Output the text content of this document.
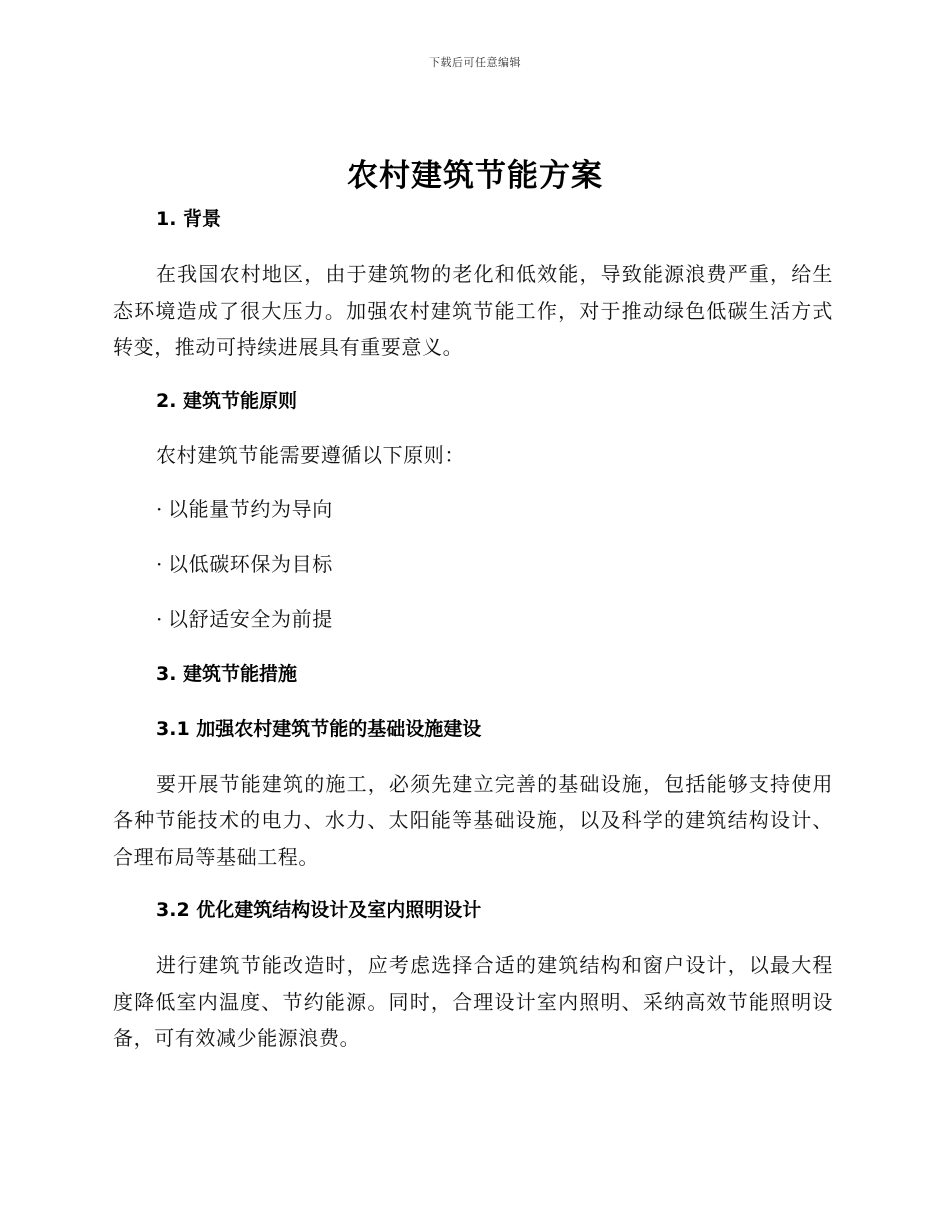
下载后可任意编辑
农村建筑节能方案
1. 背景

在我国农村地区，由于建筑物的老化和低效能，导致能源浪费严重，给生态环境造成了很大压力。加强农村建筑节能工作，对于推动绿色低碳生活方式转变，推动可持续进展具有重要意义。

2. 建筑节能原则
农村建筑节能需要遵循以下原则：
· 以能量节约为导向
· 以低碳环保为目标
· 以舒适安全为前提
3. 建筑节能措施
3.1 加强农村建筑节能的基础设施建设

要开展节能建筑的施工，必须先建立完善的基础设施，包括能够支持使用各种节能技术的电力、水力、太阳能等基础设施，以及科学的建筑结构设计、合理布局等基础工程。

3.2 优化建筑结构设计及室内照明设计

进行建筑节能改造时，应考虑选择合适的建筑结构和窗户设计，以最大程度降低室内温度、节约能源。同时，合理设计室内照明、采纳高效节能照明设备，可有效减少能源浪费。
